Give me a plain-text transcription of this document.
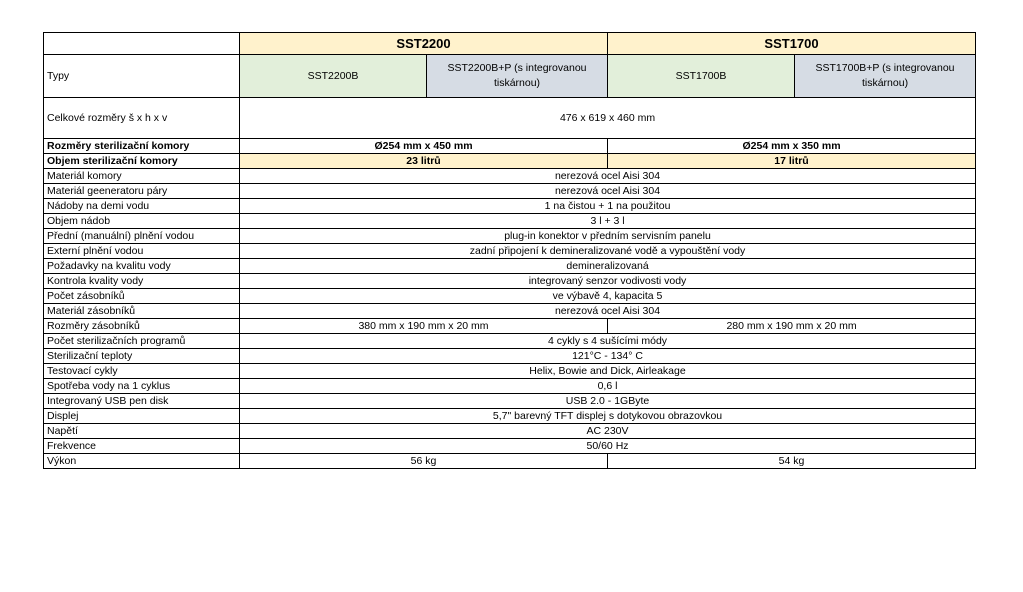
	SST2200		SST1700	
Typy	SST2200B	SST2200B+P (s integrovanou tiskárnou)	SST1700B	SST1700B+P (s integrovanou tiskárnou)
Celkové rozměry š x h x v	476 x 619 x 460 mm			
Rozměry sterilizační komory	Ø254 mm x 450 mm		Ø254 mm x 350 mm	
Objem sterilizační komory	23 litrů		17 litrů	
Materiál komory	nerezová ocel Aisi 304			
Materiál geeneratoru páry	nerezová ocel Aisi 304			
Nádoby na demi vodu	1 na čistou + 1 na použitou			
Objem nádob	3 l + 3 l			
Přední (manuální) plnění vodou	plug-in konektor v předním servisním panelu			
Externí plnění vodou	zadní připojení k demineralizované vodě a vypouštění vody			
Požadavky na kvalitu vody	demineralizovaná			
Kontrola kvality vody	integrovaný senzor vodivosti vody			
Počet zásobníků	ve výbavě 4, kapacita 5			
Materiál zásobníků	nerezová ocel Aisi 304			
Rozměry zásobníků	380 mm x 190 mm x 20 mm		280 mm x 190 mm x 20 mm	
Počet sterilizačních programů	4 cykly s 4 sušícími módy			
Sterilizační teploty	121°C - 134° C			
Testovací cykly	Helix, Bowie and Dick, Airleakage			
Spotřeba vody na 1 cyklus	0,6 l			
Integrovaný USB pen disk	USB 2.0 - 1GByte			
Displej	5,7" barevný TFT displej s dotykovou obrazovkou			
Napětí	AC 230V			
Frekvence	50/60 Hz			
Výkon	56 kg		54 kg	
